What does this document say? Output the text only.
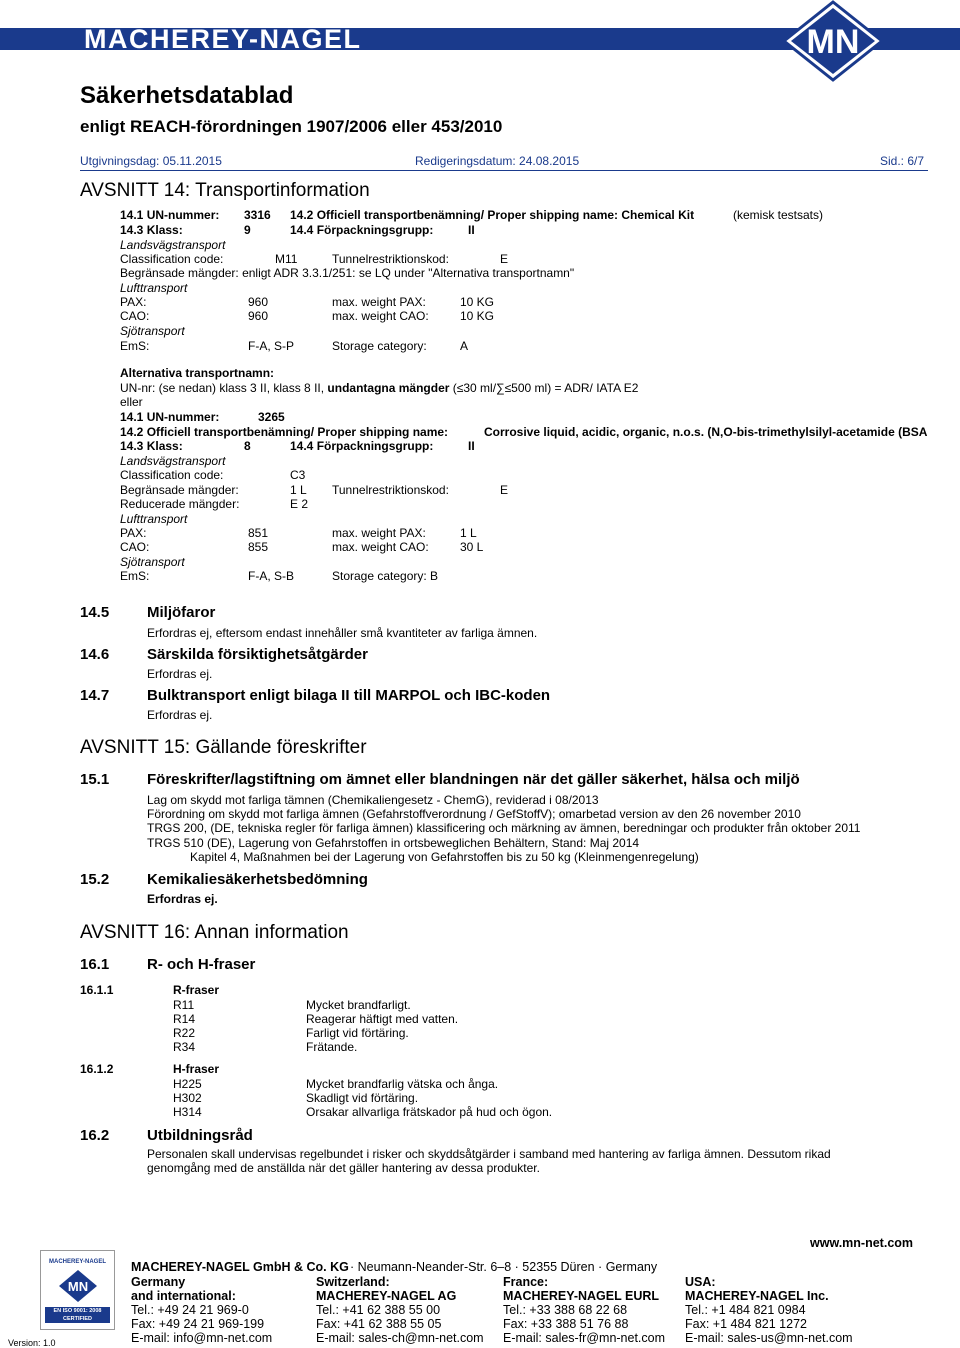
MACHEREY-NAGEL	MN
Säkerhetsdatablad
enligt REACH-förordningen 1907/2006 eller 453/2010
Utgivningsdag: 05.11.2015	Redigeringsdatum: 24.08.2015	Sid.: 6/7
AVSNITT 14: Transportinformation
14.1 UN-nummer: 3316 14.2 Officiell transportbenämning/ Proper shipping name: Chemical Kit	(kemisk testsats)
14.3 Klass:	9	14.4 Förpackningsgrupp:	II
Landsvägstransport
Classification code:	M11	Tunnelrestriktionskod:	E
Begränsade mängder: enligt ADR 3.3.1/251: se LQ under "Alternativa transportnamn"
Lufttransport
PAX:	960	max. weight PAX:	10 KG
CAO:	960	max. weight CAO:	10 KG
Sjötransport
EmS:	F-A, S-P	Storage category:	A
Alternativa transportnamn:
UN-nr: (se nedan) klass 3 II, klass 8 II, undantagna mängder (≤30 ml/∑≤500 ml) = ADR/ IATA E2
eller
14.1 UN-nummer:	3265
14.2 Officiell transportbenämning/ Proper shipping name:	Corrosive liquid, acidic, organic, n.o.s. (N,O-bis-trimethylsilyl-acetamide (BSA
14.3 Klass:	8	14.4 Förpackningsgrupp:	II
Landsvägstransport
Classification code:	C3
Begränsade mängder:	1 L Tunnelrestriktionskod:	E
Reducerade mängder:	E 2
Lufttransport
PAX:	851	max. weight PAX:	1 L
CAO:	855	max. weight CAO:	30 L
Sjötransport
EmS:	F-A, S-B	Storage category: B
14.5	Miljöfaror
Erfordras ej, eftersom endast innehåller små kvantiteter av farliga ämnen.
14.6	Särskilda försiktighetsåtgärder
Erfordras ej.
14.7	Bulktransport enligt bilaga II till MARPOL och IBC-koden
Erfordras ej.
AVSNITT 15: Gällande föreskrifter
15.1	Föreskrifter/lagstiftning om ämnet eller blandningen när det gäller säkerhet, hälsa och miljö
Lag om skydd mot farliga tämnen (Chemikaliengesetz - ChemG), reviderad i 08/2013
Förordning om skydd mot farliga ämnen (Gefahrstoffverordnung / GefStoffV); omarbetad version av den 26 november 2010
TRGS 200, (DE, tekniska regler för farliga ämnen) klassificering och märkning av ämnen, beredningar och produkter från oktober 2011
TRGS 510 (DE), Lagerung von Gefahrstoffen in ortsbeweglichen Behältern, Stand: Maj 2014
Kapitel 4, Maßnahmen bei der Lagerung von Gefahrstoffen bis zu 50 kg (Kleinmengenregelung)
15.2	Kemikaliesäkerhetsbedömning
Erfordras ej.
AVSNITT 16: Annan information
16.1	R- och H-fraser
16.1.1	R-fraser
R11	Mycket brandfarligt.
R14	Reagerar häftigt med vatten.
R22	Farligt vid förtäring.
R34	Frätande.
16.1.2	H-fraser
H225	Mycket brandfarlig vätska och ånga.
H302	Skadligt vid förtäring.
H314	Orsakar allvarliga frätskador på hud och ögon.
16.2	Utbildningsråd
Personalen skall undervisas regelbundet i risker och skyddsåtgärder i samband med hantering av farliga ämnen. Dessutom rikad
genomgång med de anställda när det gäller hantering av dessa produkter.
MACHEREY-NAGEL
MN
EN ISO 9001: 2008
CERTIFIED
Version: 1.0
MACHEREY-NAGEL GmbH & Co. KG · Neumann-Neander-Str. 6–8 · 52355 Düren · Germany
www.mn-net.com
Germany
and international:
Tel.: +49 24 21 969-0
Fax: +49 24 21 969-199
E-mail: info@mn-net.com
Switzerland:
MACHEREY-NAGEL AG
Tel.: +41 62 388 55 00
Fax: +41 62 388 55 05
E-mail: sales-ch@mn-net.com
France:
MACHEREY-NAGEL EURL
Tel.: +33 388 68 22 68
Fax: +33 388 51 76 88
E-mail: sales-fr@mn-net.com
USA:
MACHEREY-NAGEL Inc.
Tel.: +1 484 821 0984
Fax: +1 484 821 1272
E-mail: sales-us@mn-net.com
